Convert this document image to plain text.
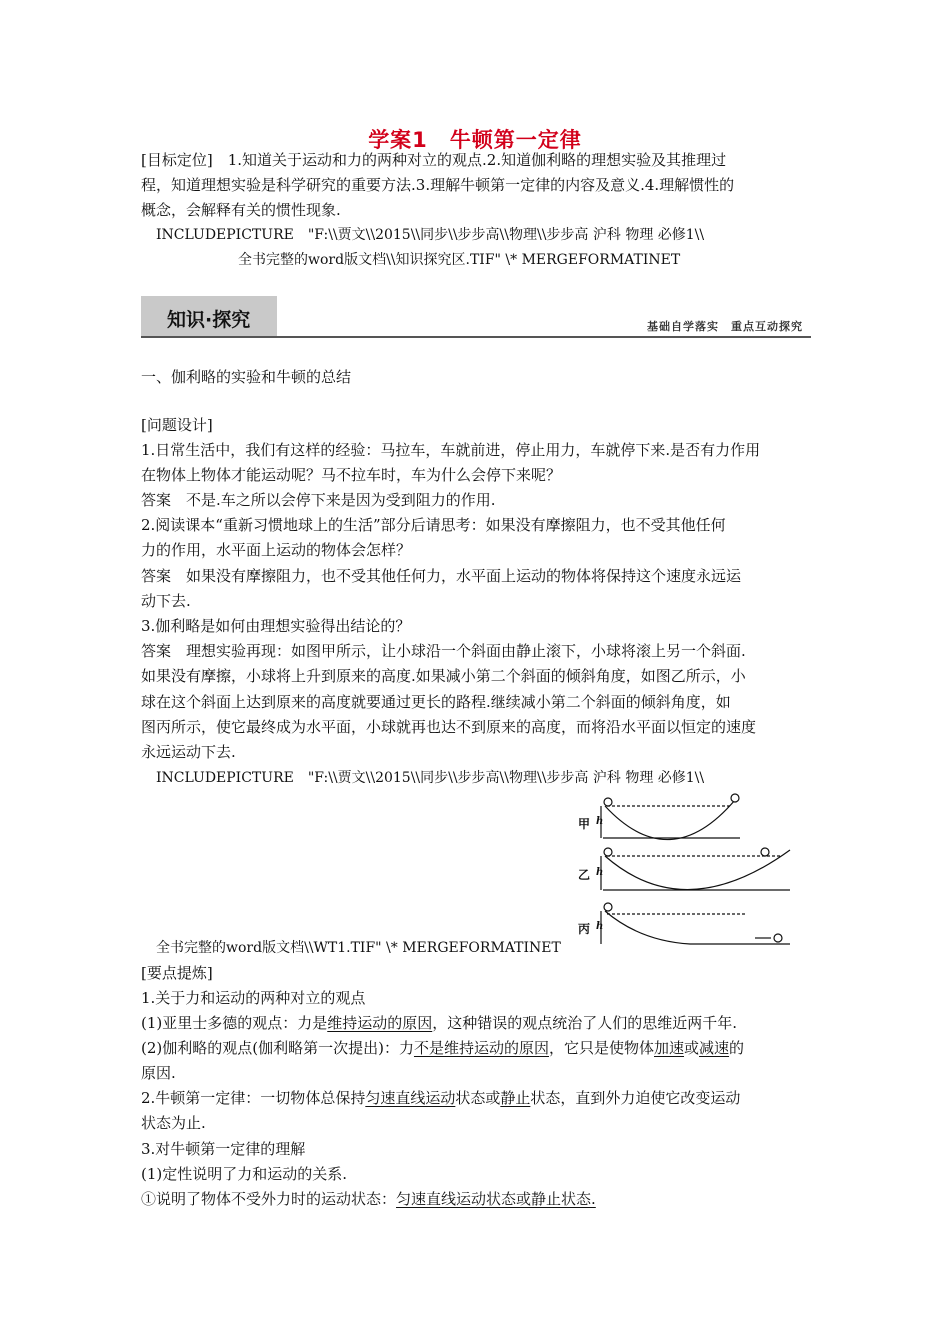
学案1　牛顿第一定律
[目标定位]　1.知道关于运动和力的两种对立的观点.2.知道伽利略的理想实验及其推理过
程，知道理想实验是科学研究的重要方法.3.理解牛顿第一定律的内容及意义.4.理解惯性的
概念，会解释有关的惯性现象.
INCLUDEPICTURE　"F:\\贾文\\2015\\同步\\步步高\\物理\\步步高 沪科 物理 必修1\\
全书完整的word版文档\\知识探究区.TIF" \* MERGEFORMATINET
知识·探究	基础自学落实　重点互动探究
一、伽利略的实验和牛顿的总结
[问题设计]
1.日常生活中，我们有这样的经验：马拉车，车就前进，停止用力，车就停下来.是否有力作用
在物体上物体才能运动呢？马不拉车时，车为什么会停下来呢？
答案　不是.车之所以会停下来是因为受到阻力的作用.
2.阅读课本“重新习惯地球上的生活”部分后请思考：如果没有摩擦阻力，也不受其他任何
力的作用，水平面上运动的物体会怎样？
答案　如果没有摩擦阻力，也不受其他任何力，水平面上运动的物体将保持这个速度永远运
动下去.
3.伽利略是如何由理想实验得出结论的？
答案　理想实验再现：如图甲所示，让小球沿一个斜面由静止滚下，小球将滚上另一个斜面.
如果没有摩擦，小球将上升到原来的高度.如果减小第二个斜面的倾斜角度，如图乙所示，小
球在这个斜面上达到原来的高度就要通过更长的路程.继续减小第二个斜面的倾斜角度，如
图丙所示，使它最终成为水平面，小球就再也达不到原来的高度，而将沿水平面以恒定的速度
永远运动下去.
INCLUDEPICTURE　"F:\\贾文\\2015\\同步\\步步高\\物理\\步步高 沪科 物理 必修1\\
甲
乙
丙
h
h
h
全书完整的word版文档\\WT1.TIF" \* MERGEFORMATINET
[要点提炼]
1.关于力和运动的两种对立的观点
(1)亚里士多德的观点：力是维持运动的原因，这种错误的观点统治了人们的思维近两千年.
(2)伽利略的观点(伽利略第一次提出)：力不是维持运动的原因，它只是使物体加速或减速的
原因.
2.牛顿第一定律：一切物体总保持匀速直线运动状态或静止状态，直到外力迫使它改变运动
状态为止.
3.对牛顿第一定律的理解
(1)定性说明了力和运动的关系.
①说明了物体不受外力时的运动状态：匀速直线运动状态或静止状态.
